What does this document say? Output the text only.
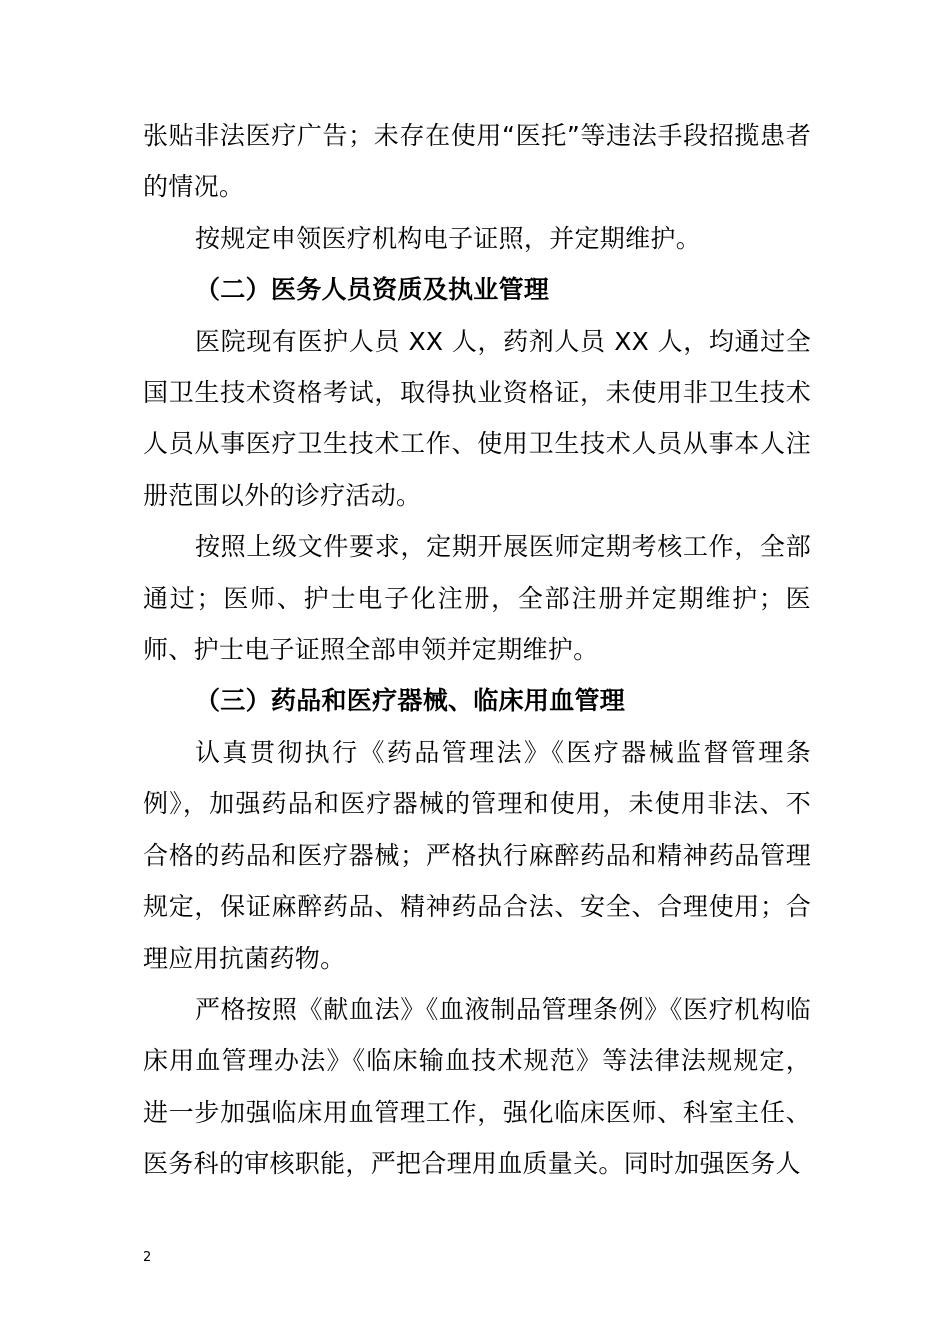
张贴非法医疗广告；未存在使用“医托”等违法手段招揽患者的情况。

按规定申领医疗机构电子证照，并定期维护。

（二）医务人员资质及执业管理

医院现有医护人员 XX 人，药剂人员 XX 人，均通过全国卫生技术资格考试，取得执业资格证，未使用非卫生技术人员从事医疗卫生技术工作、使用卫生技术人员从事本人注册范围以外的诊疗活动。

按照上级文件要求，定期开展医师定期考核工作，全部通过；医师、护士电子化注册，全部注册并定期维护；医师、护士电子证照全部申领并定期维护。

（三）药品和医疗器械、临床用血管理

认真贯彻执行《药品管理法》《医疗器械监督管理条例》，加强药品和医疗器械的管理和使用，未使用非法、不合格的药品和医疗器械；严格执行麻醉药品和精神药品管理规定，保证麻醉药品、精神药品合法、安全、合理使用；合理应用抗菌药物。

严格按照《献血法》《血液制品管理条例》《医疗机构临床用血管理办法》《临床输血技术规范》等法律法规规定，进一步加强临床用血管理工作，强化临床医师、科室主任、医务科的审核职能，严把合理用血质量关。同时加强医务人

2
